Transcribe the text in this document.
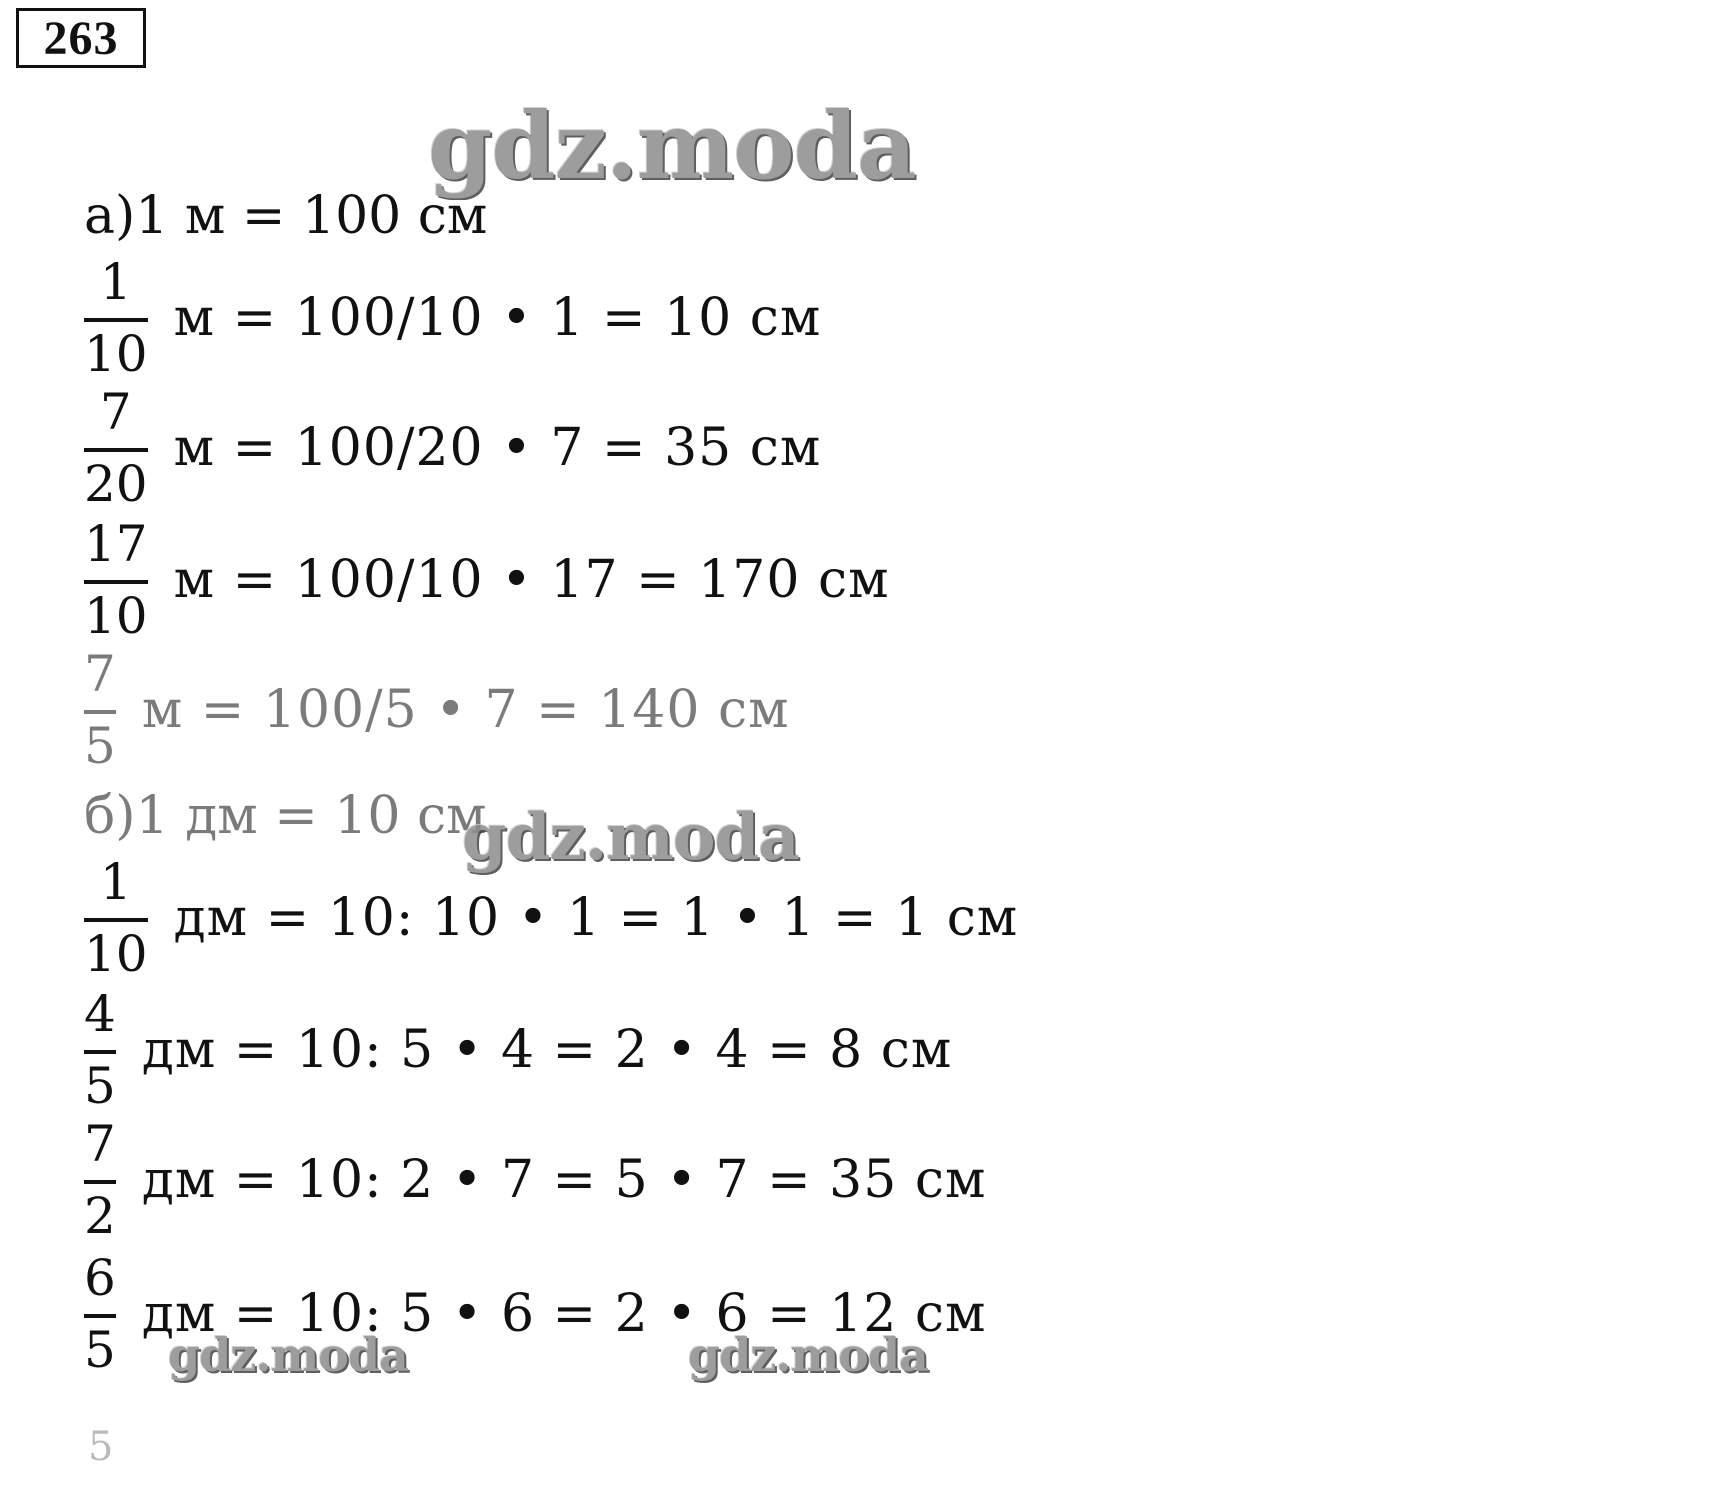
263
gdz.moda
а)1 м = 100 см
$\frac{1}{10}$ м = 100/10 • 1 = 10 см
$\frac{7}{20}$ м = 100/20 • 7 = 35 см
$\frac{17}{10}$ м = 100/10 • 17 = 170 см
$\frac{7}{5}$ м = 100/5 • 7 = 140 см
б)1 дм = 10 см
gdz.moda
$\frac{1}{10}$ дм = 10: 10 • 1 = 1 • 1 = 1 см
$\frac{4}{5}$ дм = 10: 5 • 4 = 2 • 4 = 8 см
$\frac{7}{2}$ дм = 10: 2 • 7 = 5 • 7 = 35 см
$\frac{6}{5}$ дм = 10: 5 • 6 = 2 • 6 = 12 см
gdz.moda	gdz.moda
5
